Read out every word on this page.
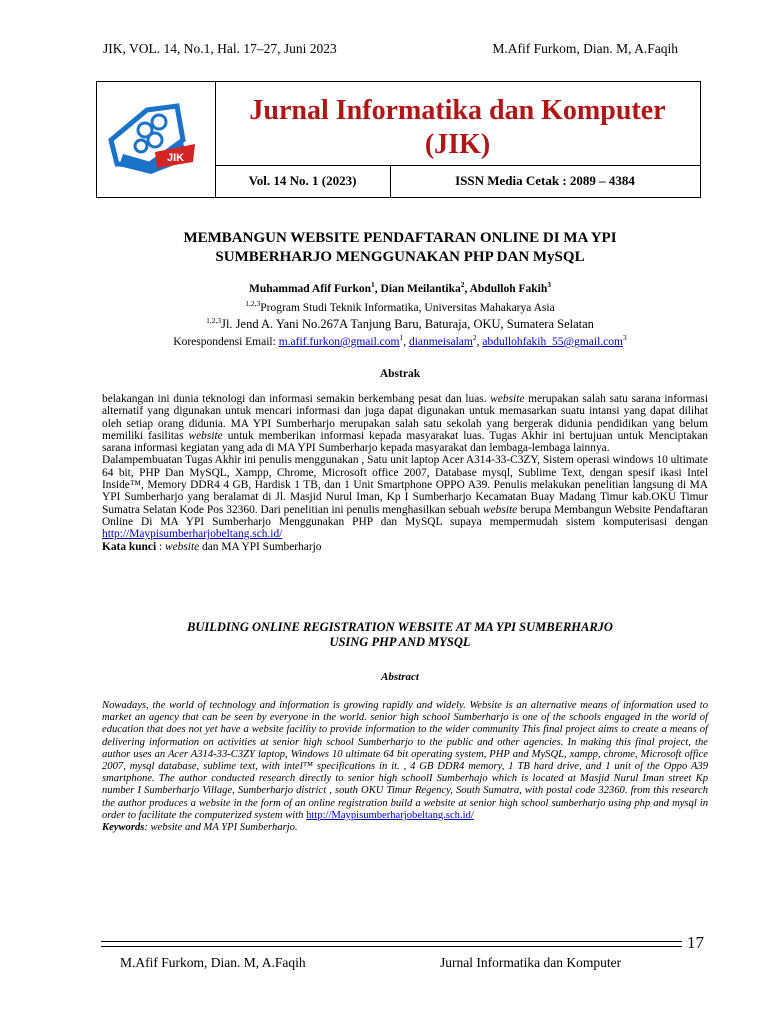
JIK, VOL. 14, No.1, Hal. 17–27, Juni 2023	M.Afif Furkom, Dian. M, A.Faqih
JIK
Jurnal Informatika dan Komputer
(JIK)
Vol. 14 No. 1 (2023)	ISSN Media Cetak : 2089 – 4384
MEMBANGUN WEBSITE PENDAFTARAN ONLINE DI MA YPI
SUMBERHARJO MENGGUNAKAN PHP DAN MySQL
Muhammad Afif Furkon$^1$, Dian Meilantika$^2$, Abdulloh Fakih$^3$
$^{1,2,3}$Program Studi Teknik Informatika, Universitas Mahakarya Asia
$^{1,2,3}$Jl. Jend A. Yani No.267A Tanjung Baru, Baturaja, OKU, Sumatera Selatan
Korespondensi Email: m.afif.furkon@gmail.com$^1$, dianmeisalam$^2$, abdullohfakih_55@gmail.com$^3$
Abstrak

belakangan ini dunia teknologi dan informasi semakin berkembang pesat dan luas. website merupakan salah satu sarana informasi alternatif yang digunakan untuk mencari informasi dan juga dapat digunakan untuk memasarkan suatu intansi yang dapat dilihat oleh setiap orang didunia. MA YPI Sumberharjo merupakan salah satu sekolah yang bergerak didunia pendidikan yang belum memiliki fasilitas website untuk memberikan informasi kepada masyarakat luas. Tugas Akhir ini bertujuan untuk Menciptakan sarana informasi kegiatan yang ada di MA YPI Sumberharjo kepada masyarakat dan lembaga-lembaga lainnya.

Dalampembuatan Tugas Akhir ini penulis menggunakan , Satu unit laptop Acer A314-33-C3ZY, Sistem operasi windows 10 ultimate 64 bit, PHP Dan MySQL, Xampp, Chrome, Microsoft office 2007, Database mysql, Sublime Text, dengan spesif ikasi Intel Inside™, Memory DDR4 4 GB, Hardisk 1 TB, dan 1 Unit Smartphone OPPO A39. Penulis melakukan penelitian langsung di MA YPI Sumberharjo yang beralamat di Jl. Masjid Nurul Iman, Kp I Sumberharjo Kecamatan Buay Madang Timur kab.OKU Timur Sumatra Selatan Kode Pos 32360. Dari penelitian ini penulis menghasilkan sebuah website berupa Membangun Website Pendaftaran Online Di MA YPI Sumberharjo Menggunakan PHP dan MySQL supaya mempermudah sistem komputerisasi dengan http://Maypisumberharjobeltang.sch.id/

Kata kunci : website dan MA YPI Sumberharjo

BUILDING ONLINE REGISTRATION WEBSITE AT MA YPI SUMBERHARJO
USING PHP AND MYSQL
Abstract

Nowadays, the world of technology and information is growing rapidly and widely. Website is an alternative means of information used to market an agency that can be seen by everyone in the world. senior high school Sumberharjo is one of the schools engaged in the world of education that does not yet have a website facility to provide information to the wider community This final project aims to create a means of delivering information on activities at senior high school Sumberharjo to the public and other agencies. In making this final project, the author uses an Acer A314-33-C3ZY laptop, Windows 10 ultimate 64 bit operating system, PHP and MySQL, xampp, chrome, Microsoft office 2007, mysql database, sublime text, with intel™ specifications in it. , 4 GB DDR4 memory, 1 TB hard drive, and 1 unit of the Oppo A39 smartphone. The author conducted research directly to senior high schoolI Sumberhajo which is located at Masjid Nurul Iman street Kp number I Sumberharjo Village, Sumberharjo district , south OKU Timur Regency, South Sumatra, with postal code 32360. from this research the author produces a website in the form of an online registration build a website at senior high school sumberharjo using php and mysql in order to facilitate the computerized system with http://Maypisumberharjobeltang.sch.id/

Keywords: website and MA YPI Sumberharjo.

17
M.Afif Furkom, Dian. M, A.Faqih	Jurnal Informatika dan Komputer
